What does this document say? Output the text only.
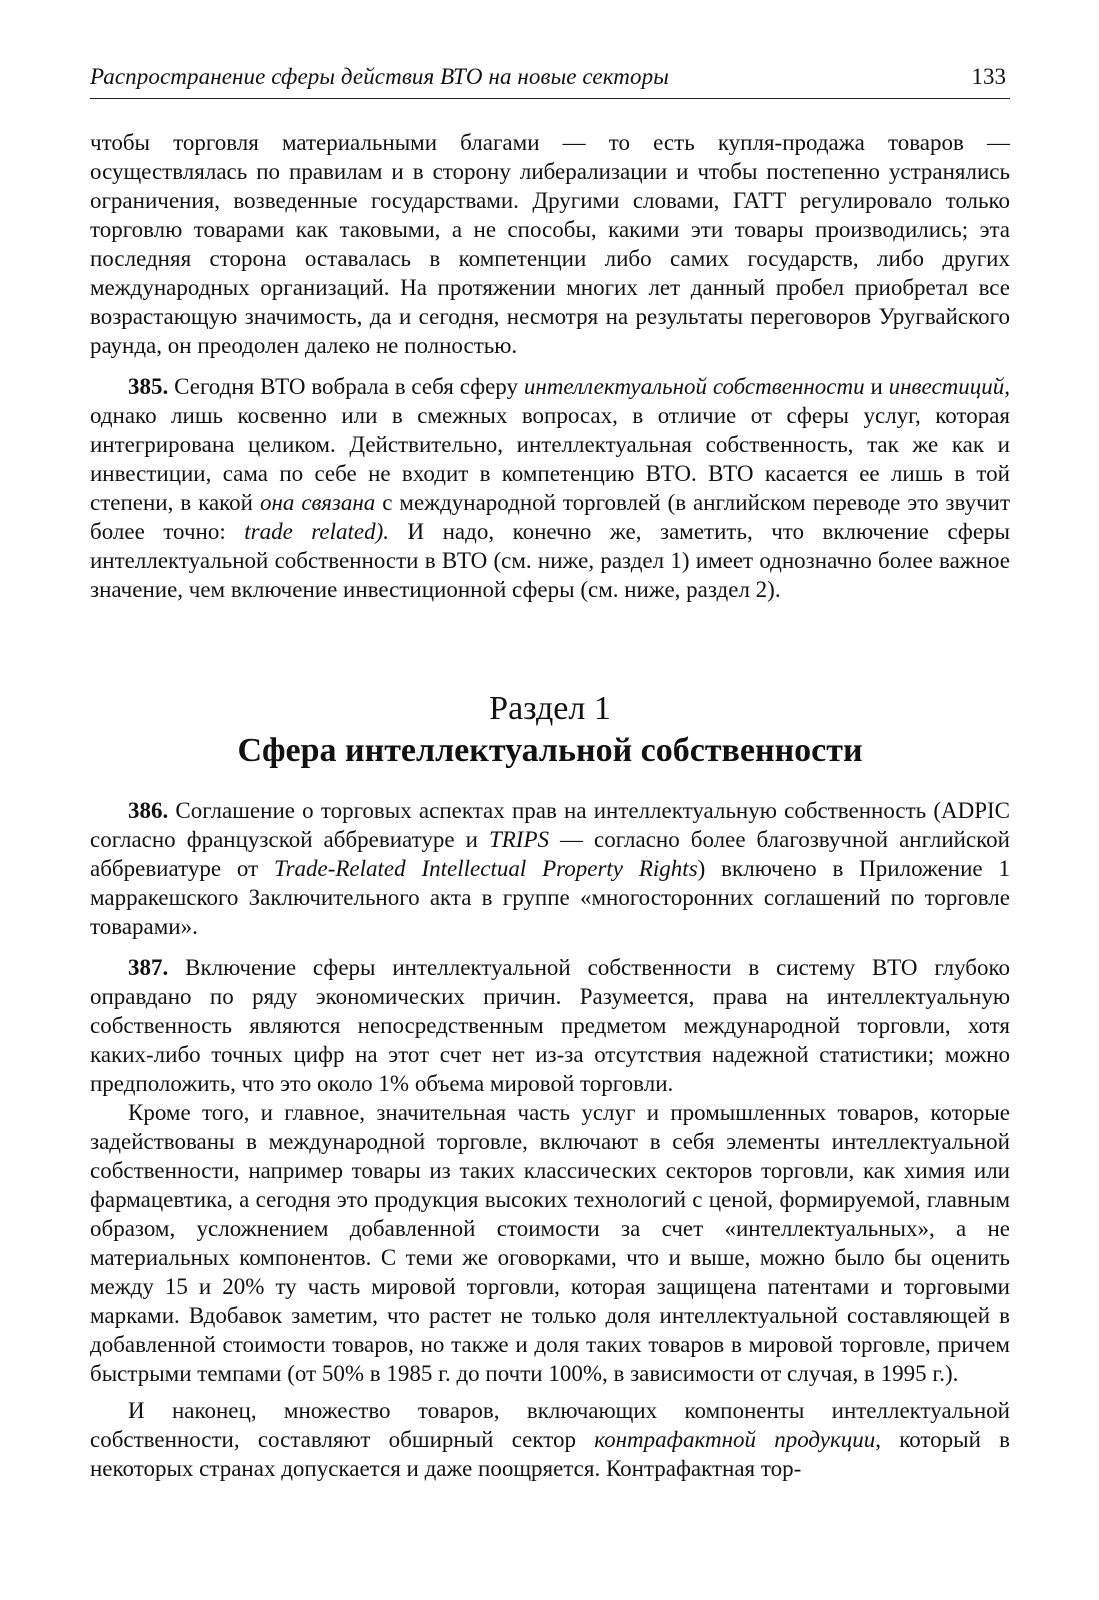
Распространение сферы действия ВТО на новые секторы	133

чтобы торговля материальными благами — то есть купля-продажа товаров — осуществлялась по правилам и в сторону либерализации и чтобы постепенно устранялись ограничения, возведенные государствами. Другими словами, ГАТТ регулировало только торговлю товарами как таковыми, а не способы, какими эти товары производились; эта последняя сторона оставалась в компетенции либо самих государств, либо других международных организаций. На протяжении многих лет данный пробел приобретал все возрастающую значимость, да и сегодня, несмотря на результаты переговоров Уругвайского раунда, он преодолен далеко не полностью.

385. Сегодня ВТО вобрала в себя сферу интеллектуальной собственности и инвестиций, однако лишь косвенно или в смежных вопросах, в отличие от сферы услуг, которая интегрирована целиком. Действительно, интеллектуальная собственность, так же как и инвестиции, сама по себе не входит в компетенцию ВТО. ВТО касается ее лишь в той степени, в какой она связана с международной торговлей (в английском переводе это звучит более точно: trade related). И надо, конечно же, заметить, что включение сферы интеллектуальной собственности в ВТО (см. ниже, раздел 1) имеет однозначно более важное значение, чем включение инвестиционной сферы (см. ниже, раздел 2).

Раздел 1
Сфера интеллектуальной собственности

386. Соглашение о торговых аспектах прав на интеллектуальную собственность (ADPIC согласно французской аббревиатуре и TRIPS — согласно более благозвучной английской аббревиатуре от Trade-Related Intellectual Property Rights) включено в Приложение 1 марракешского Заключительного акта в группе «многосторонних соглашений по торговле товарами».

387. Включение сферы интеллектуальной собственности в систему ВТО глубоко оправдано по ряду экономических причин. Разумеется, права на интеллектуальную собственность являются непосредственным предметом международной торговли, хотя каких-либо точных цифр на этот счет нет из-за отсутствия надежной статистики; можно предположить, что это около 1% объема мировой торговли.

Кроме того, и главное, значительная часть услуг и промышленных товаров, которые задействованы в международной торговле, включают в себя элементы интеллектуальной собственности, например товары из таких классических секторов торговли, как химия или фармацевтика, а сегодня это продукция высоких технологий с ценой, формируемой, главным образом, усложнением добавленной стоимости за счет «интеллектуальных», а не материальных компонентов. С теми же оговорками, что и выше, можно было бы оценить между 15 и 20% ту часть мировой торговли, которая защищена патентами и торговыми марками. Вдобавок заметим, что растет не только доля интеллектуальной составляющей в добавленной стоимости товаров, но также и доля таких товаров в мировой торговле, причем быстрыми темпами (от 50% в 1985 г. до почти 100%, в зависимости от случая, в 1995 г.).

И наконец, множество товаров, включающих компоненты интеллектуальной собственности, составляют обширный сектор контрафактной продукции, который в некоторых странах допускается и даже поощряется. Контрафактная тор-
